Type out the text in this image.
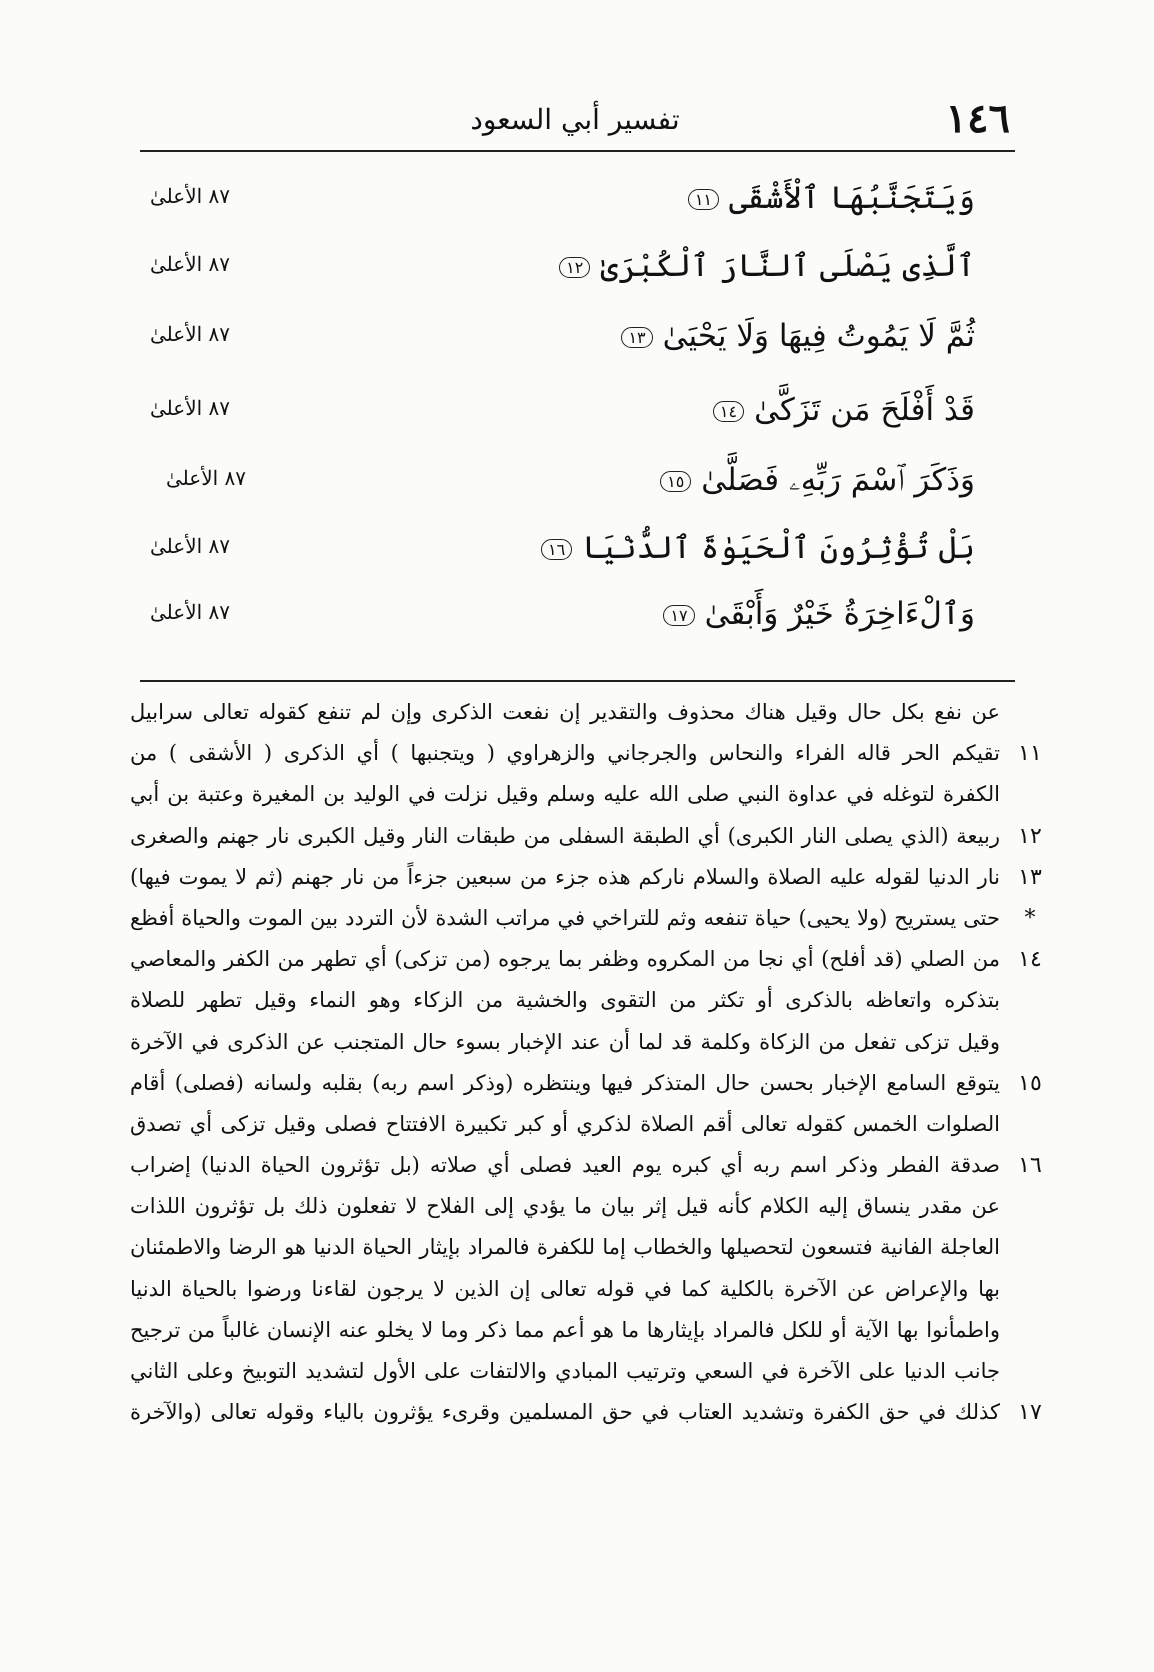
١٤٦
تفسير أبي السعود
وَيَتَجَنَّبُهَا ٱلْأَشْقَى١١
٨٧ الأعلىٰ
ٱلَّذِى يَصْلَى ٱلنَّارَ ٱلْكُبْرَىٰ١٢
٨٧ الأعلىٰ
ثُمَّ لَا يَمُوتُ فِيهَا وَلَا يَحْيَىٰ١٣
٨٧ الأعلىٰ
قَدْ أَفْلَحَ مَن تَزَكَّىٰ١٤
٨٧ الأعلىٰ
وَذَكَرَ ٱسْمَ رَبِّهِۦ فَصَلَّىٰ١٥
٨٧ الأعلىٰ
بَلْ تُؤْثِرُونَ ٱلْحَيَوٰةَ ٱلدُّنْيَا١٦
٨٧ الأعلىٰ
وَٱلْءَاخِرَةُ خَيْرٌ وَأَبْقَىٰ١٧
٨٧ الأعلىٰ
عن نفع بكل حال وقيل هناك محذوف والتقدير إن نفعت الذكرى وإن لم تنفع كقوله تعالى سرابيل
١١
تقيكم الحر قاله الفراء والنحاس والجرجاني والزهراوي ( ويتجنبها ) أي الذكرى ( الأشقى ) من
الكفرة لتوغله في عداوة النبي صلى الله عليه وسلم وقيل نزلت في الوليد بن المغيرة وعتبة بن أبي
١٢
ربيعة (الذي يصلى النار الكبرى) أي الطبقة السفلى من طبقات النار وقيل الكبرى نار جهنم والصغرى
١٣
نار الدنيا لقوله عليه الصلاة والسلام ناركم هذه جزء من سبعين جزءاً من نار جهنم (ثم لا يموت فيها)
*
حتى يستريح (ولا يحيى) حياة تنفعه وثم للتراخي في مراتب الشدة لأن التردد بين الموت والحياة أفظع
١٤
من الصلي (قد أفلح) أي نجا من المكروه وظفر بما يرجوه (من تزكى) أي تطهر من الكفر والمعاصي
بتذكره واتعاظه بالذكرى أو تكثر من التقوى والخشية من الزكاء وهو النماء وقيل تطهر للصلاة
وقيل تزكى تفعل من الزكاة وكلمة قد لما أن عند الإخبار بسوء حال المتجنب عن الذكرى في الآخرة
١٥
يتوقع السامع الإخبار بحسن حال المتذكر فيها وينتظره (وذكر اسم ربه) بقلبه ولسانه (فصلى) أقام
الصلوات الخمس كقوله تعالى أقم الصلاة لذكري أو كبر تكبيرة الافتتاح فصلى وقيل تزكى أي تصدق
١٦
صدقة الفطر وذكر اسم ربه أي كبره يوم العيد فصلى أي صلاته (بل تؤثرون الحياة الدنيا) إضراب
عن مقدر ينساق إليه الكلام كأنه قيل إثر بيان ما يؤدي إلى الفلاح لا تفعلون ذلك بل تؤثرون اللذات
العاجلة الفانية فتسعون لتحصيلها والخطاب إما للكفرة فالمراد بإيثار الحياة الدنيا هو الرضا والاطمئنان
بها والإعراض عن الآخرة بالكلية كما في قوله تعالى إن الذين لا يرجون لقاءنا ورضوا بالحياة الدنيا
واطمأنوا بها الآية أو للكل فالمراد بإيثارها ما هو أعم مما ذكر وما لا يخلو عنه الإنسان غالباً من ترجيح
جانب الدنيا على الآخرة في السعي وترتيب المبادي والالتفات على الأول لتشديد التوبيخ وعلى الثاني
١٧
كذلك في حق الكفرة وتشديد العتاب في حق المسلمين وقرىء يؤثرون بالياء وقوله تعالى (والآخرة
